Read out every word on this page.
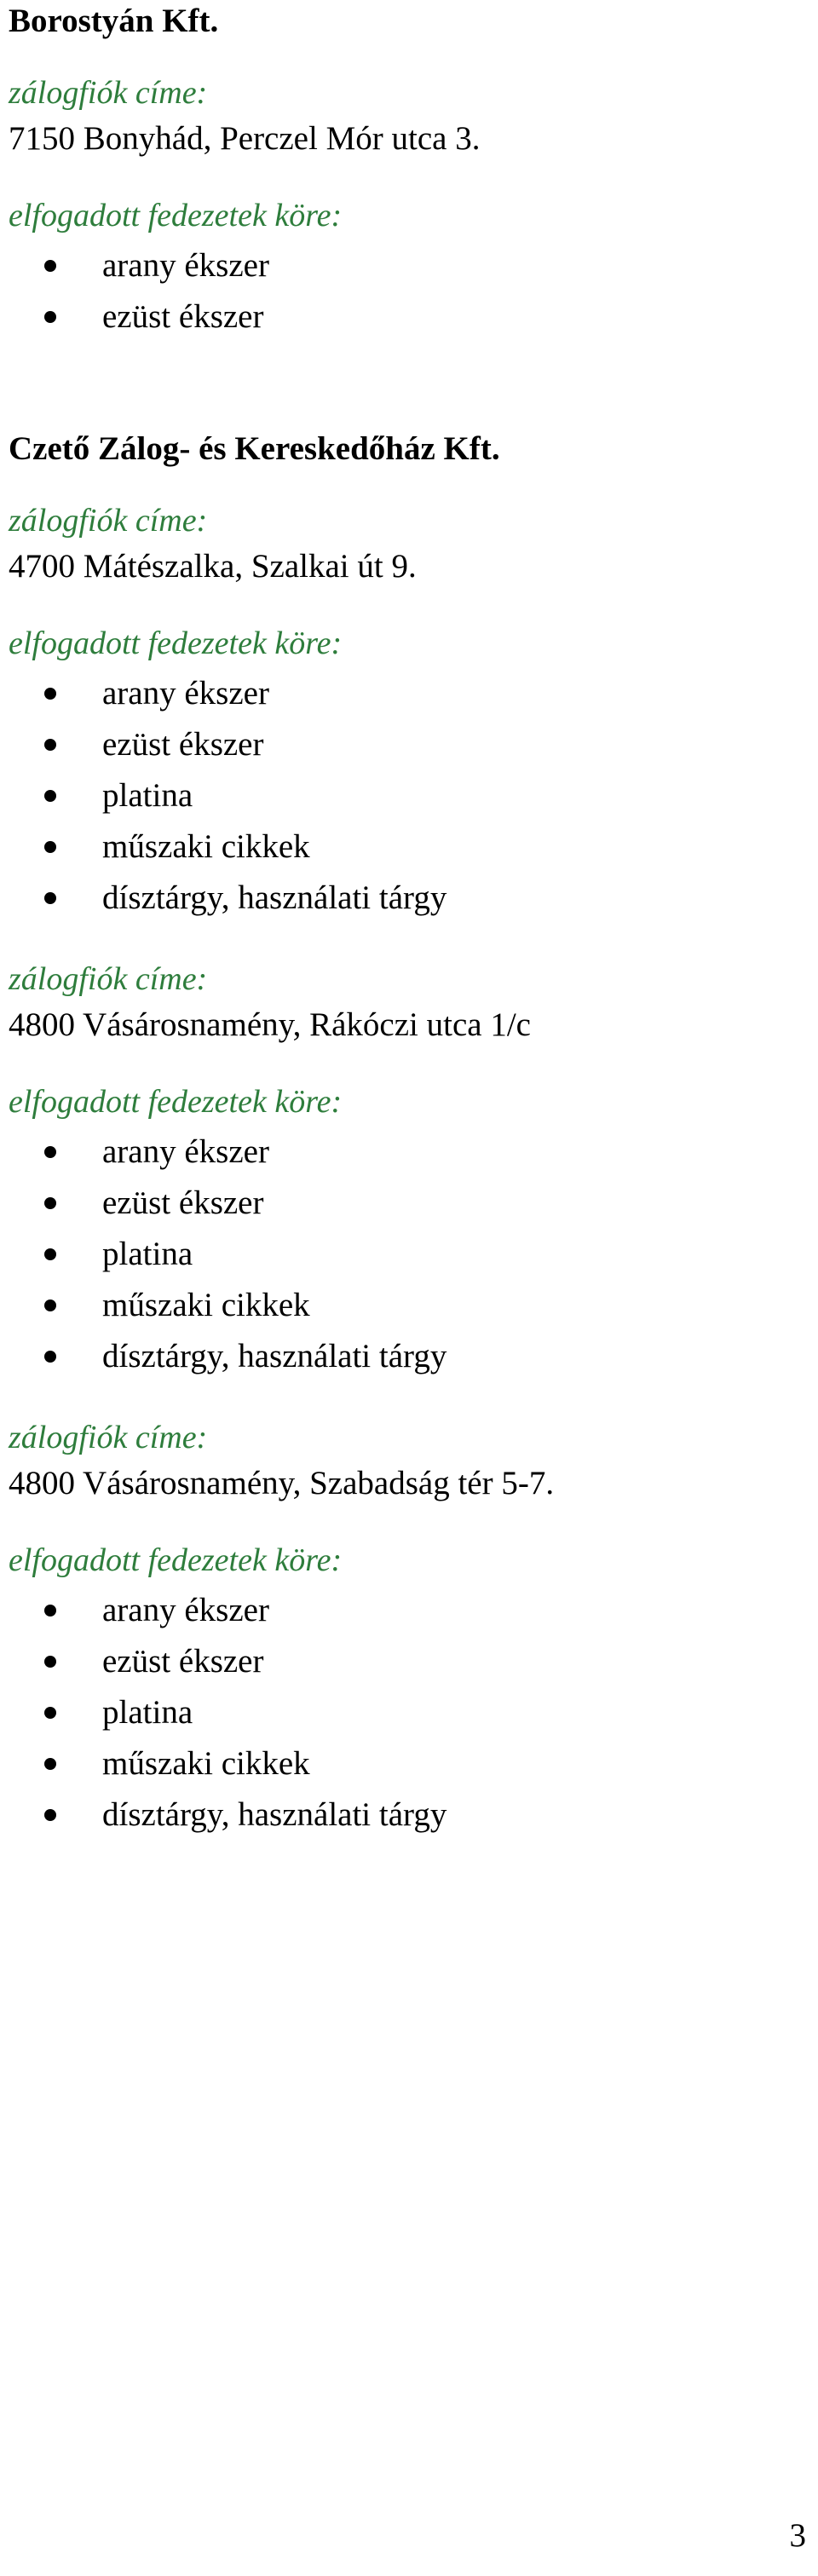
Borostyán Kft.

zálogfiók címe:

7150 Bonyhád, Perczel Mór utca 3.

elfogadott fedezetek köre:

arany ékszer
ezüst ékszer
Czető Zálog- és Kereskedőház Kft.

zálogfiók címe:

4700 Mátészalka, Szalkai út 9.

elfogadott fedezetek köre:

arany ékszer
ezüst ékszer
platina
műszaki cikkek
dísztárgy, használati tárgy

zálogfiók címe:

4800 Vásárosnamény, Rákóczi utca 1/c

elfogadott fedezetek köre:

arany ékszer
ezüst ékszer
platina
műszaki cikkek
dísztárgy, használati tárgy

zálogfiók címe:

4800 Vásárosnamény, Szabadság tér 5-7.

elfogadott fedezetek köre:

arany ékszer
ezüst ékszer
platina
műszaki cikkek
dísztárgy, használati tárgy
3
